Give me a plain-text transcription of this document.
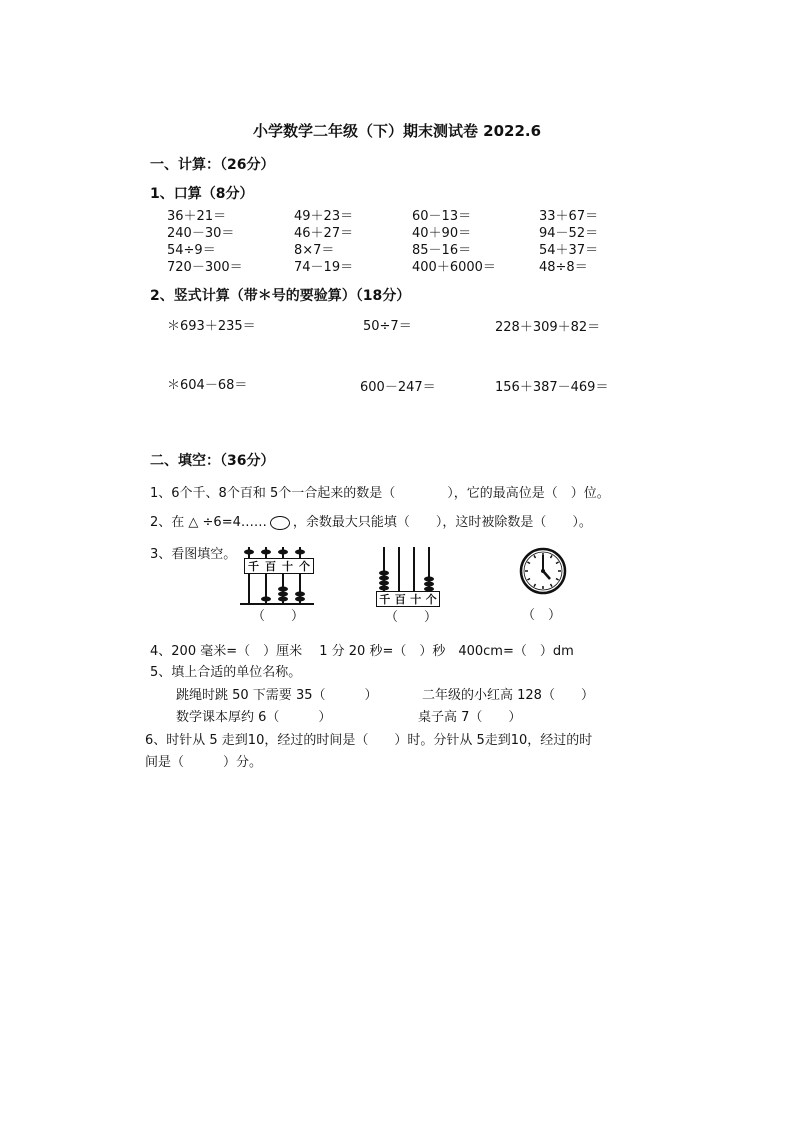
小学数学二年级（下）期末测试卷 2022.6
一、计算：（26分）
1、口算（8分）
36＋21＝	49＋23＝	60－13＝	33＋67＝
240－30＝	46＋27＝	40＋90＝	94－52＝
54÷9＝	8×7＝	85－16＝	54＋37＝
720－300＝	74－19＝	400＋6000＝	48÷8＝
2、竖式计算（带＊号的要验算）（18分）
＊693＋235＝	50÷7＝	228＋309＋82＝
＊604－68＝	600－247＝	156＋387－469＝
二、填空：（36分）
1、6个千、8个百和 5个一合起来的数是（　　　　），它的最高位是（　）位。
2、在 △ ÷6=4…… ，余数最大只能填（　　），这时被除数是（　　）。
3、看图填空。
千 百 十 个
（　　）
千 百 十 个
（　　）	（　）
4、200 毫米=（　）厘米　 1 分 20 秒=（　）秒　400cm=（　）dm
5、填上合适的单位名称。
跳绳时跳 50 下需要 35（　　　）	二年级的小红高 128（　　）
数学课本厚约 6（　　　）	桌子高 7（　　）
6、时针从 5 走到10，经过的时间是（　　）时。分针从 5走到10，经过的时
间是（　　　）分。
